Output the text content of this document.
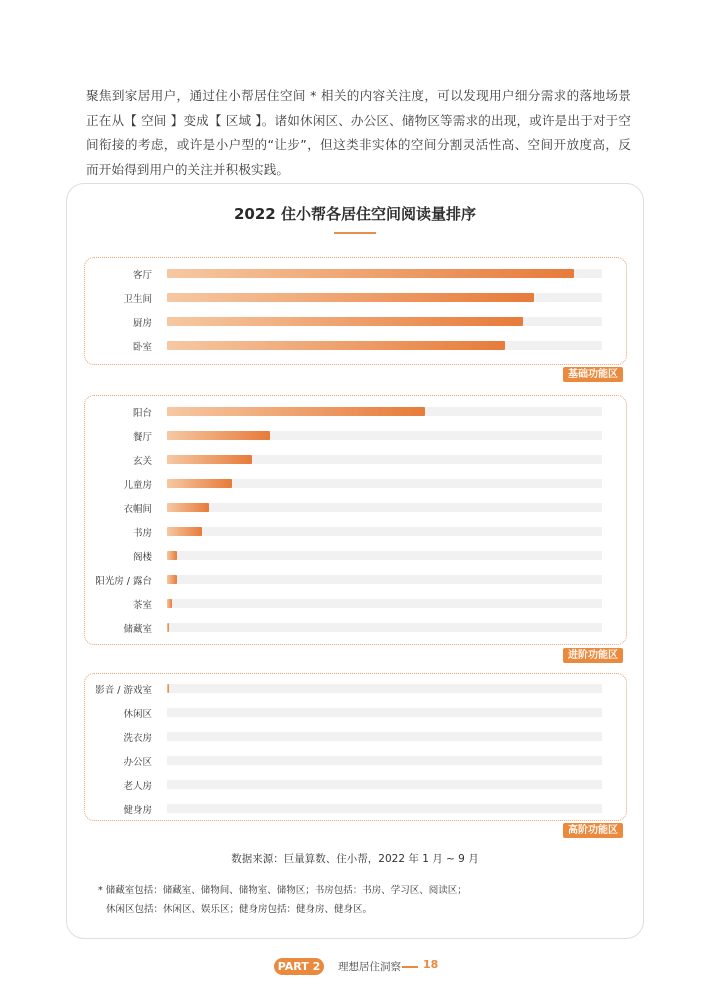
聚焦到家居用户，通过住小帮居住空间 * 相关的内容关注度，可以发现用户细分需求的落地场景正在从【 空间 】变成【 区域 】。诸如休闲区、办公区、储物区等需求的出现，或许是出于对于空间衔接的考虑，或许是小户型的“让步”，但这类非实体的空间分割灵活性高、空间开放度高，反而开始得到用户的关注并积极实践。
2022 住小帮各居住空间阅读量排序
基础功能区
客厅
卫生间
厨房
卧室
进阶功能区
阳台
餐厅
玄关
儿童房
衣帽间
书房
阁楼
阳光房 / 露台
茶室
储藏室
高阶功能区
影音 / 游戏室
休闲区
洗衣房
办公区
老人房
健身房
数据来源：巨量算数、住小帮，2022 年 1 月 ~ 9 月
* 储藏室包括：储藏室、储物间、储物室、储物区；书房包括：书房、学习区、阅读区；
休闲区包括：休闲区、娱乐区；健身房包括：健身房、健身区。
PART 2	理想居住洞察 18
